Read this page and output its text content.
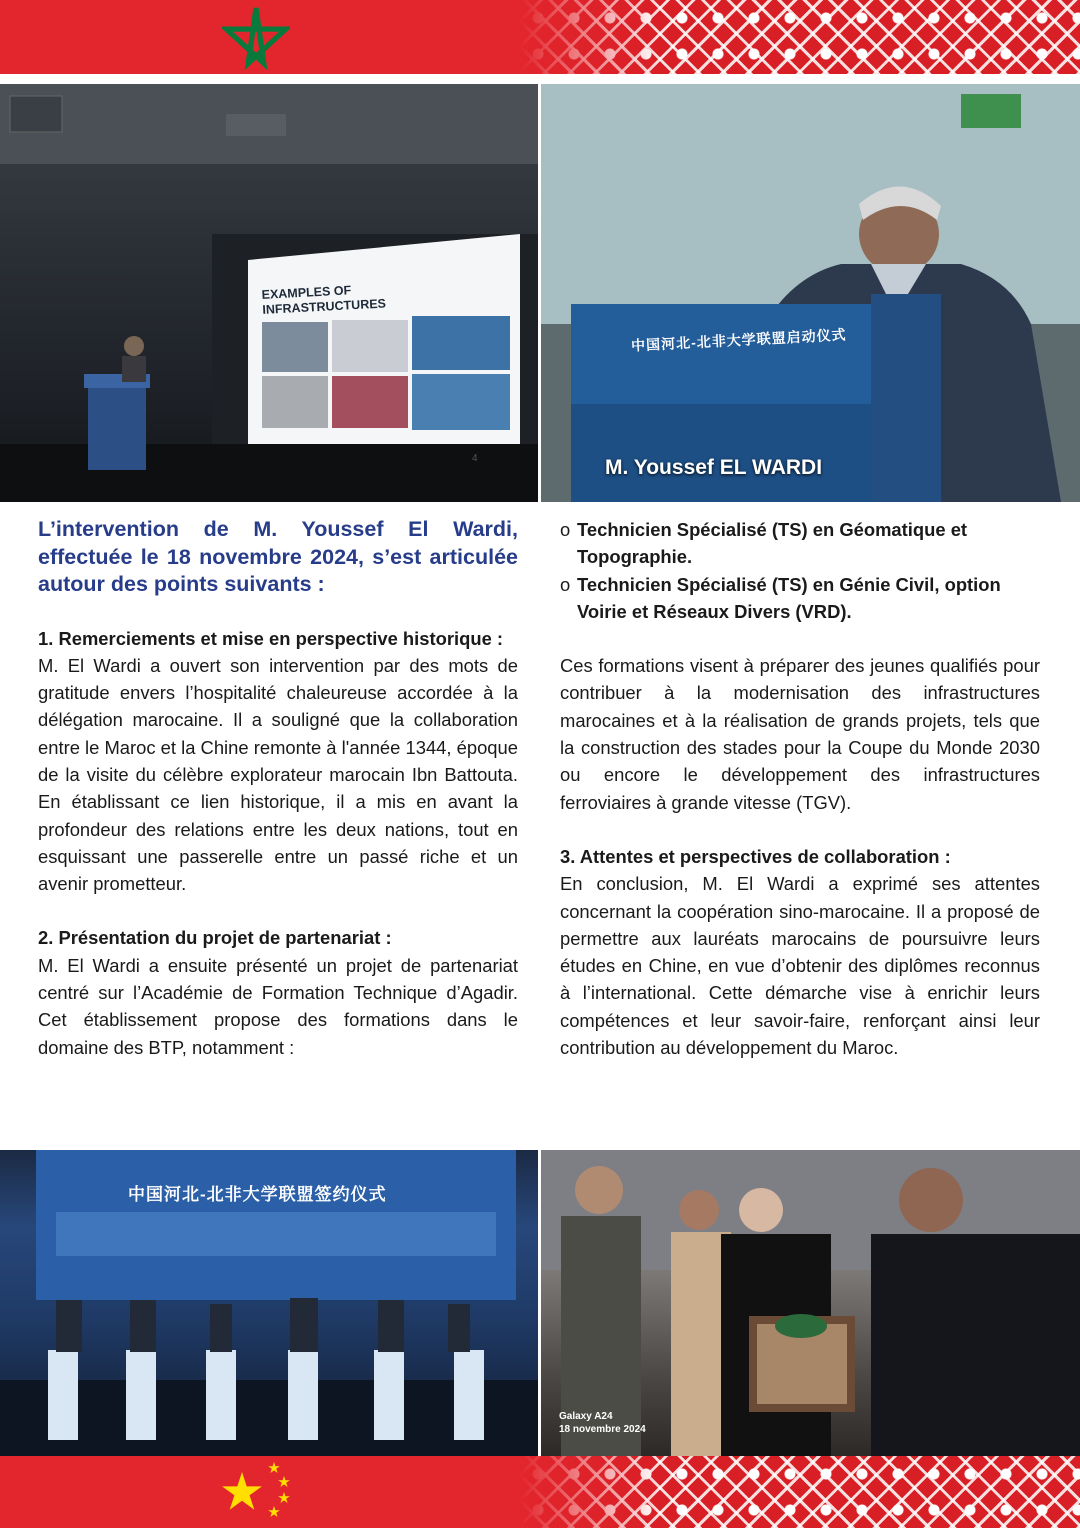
EXAMPLES OF INFRASTRUCTURES
4
中国河北-北非大学联盟启动仪式
M. Youssef EL WARDI

L’intervention de M. Youssef El Wardi, effectuée le 18 novembre 2024, s’est articulée autour des points suivants :

1. Remerciements et mise en perspective historique :

M. El Wardi a ouvert son intervention par des mots de gratitude envers l’hospitalité chaleureuse accordée à la délégation marocaine. Il a souligné que la collaboration entre le Maroc et la Chine remonte à l'année 1344, époque de la visite du célèbre explorateur marocain Ibn Battouta. En établissant ce lien historique, il a mis en avant la profondeur des relations entre les deux nations, tout en esquissant une passerelle entre un passé riche et un avenir prometteur.

2. Présentation du projet de partenariat :

M. El Wardi a ensuite présenté un projet de partenariat centré sur l’Académie de Formation Technique d’Agadir. Cet établissement propose des formations dans le domaine des BTP, notamment :

o Technicien Spécialisé (TS) en Géomatique et Topographie.
o Technicien Spécialisé (TS) en Génie Civil, option Voirie et Réseaux Divers (VRD).

Ces formations visent à préparer des jeunes qualifiés pour contribuer à la modernisation des infrastructures marocaines et à la réalisation de grands projets, tels que la construction des stades pour la Coupe du Monde 2030 ou encore le développement des infrastructures ferroviaires à grande vitesse (TGV).

3. Attentes et perspectives de collaboration :

En conclusion, M. El Wardi a exprimé ses attentes concernant la coopération sino-marocaine. Il a proposé de permettre aux lauréats marocains de poursuivre leurs études en Chine, en vue d’obtenir des diplômes reconnus à l’international. Cette démarche vise à enrichir leurs compétences et leur savoir-faire, renforçant ainsi leur contribution au développement du Maroc.

中国河北-北非大学联盟签约仪式
Galaxy A24
18 novembre 2024
